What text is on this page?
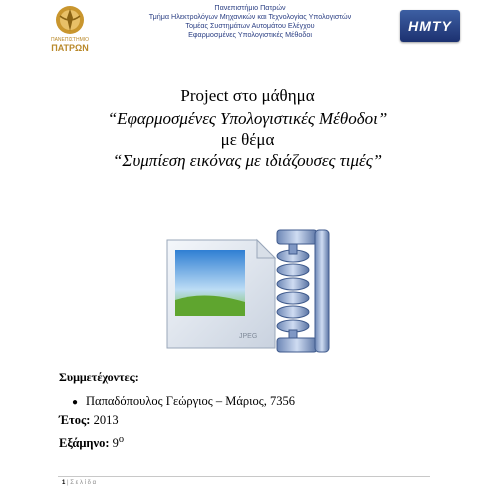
ΠΑΝΕΠΙΣΤΗΜΙΟ
ΠΑΤΡΩΝ
Πανεπιστήμιο Πατρών
Τμήμα Ηλεκτρολόγων Μηχανικών και Τεχνολογίας Υπολογιστών
Τομέας Συστημάτων Αυτομάτου Ελέγχου
Εφαρμοσμένες Υπολογιστικές Μέθοδοι
HMTY
Project στο μάθημα
“Εφαρμοσμένες Υπολογιστικές Μέθοδοι”
με θέμα
“Συμπίεση εικόνας με ιδιάζουσες τιμές”
JPEG
Συμμετέχοντες:
● Παπαδόπουλος Γεώργιος – Μάριος, 7356
Έτος: 2013
Εξάμηνο: $9^o$
1 | Σ ε λ ί δ α
